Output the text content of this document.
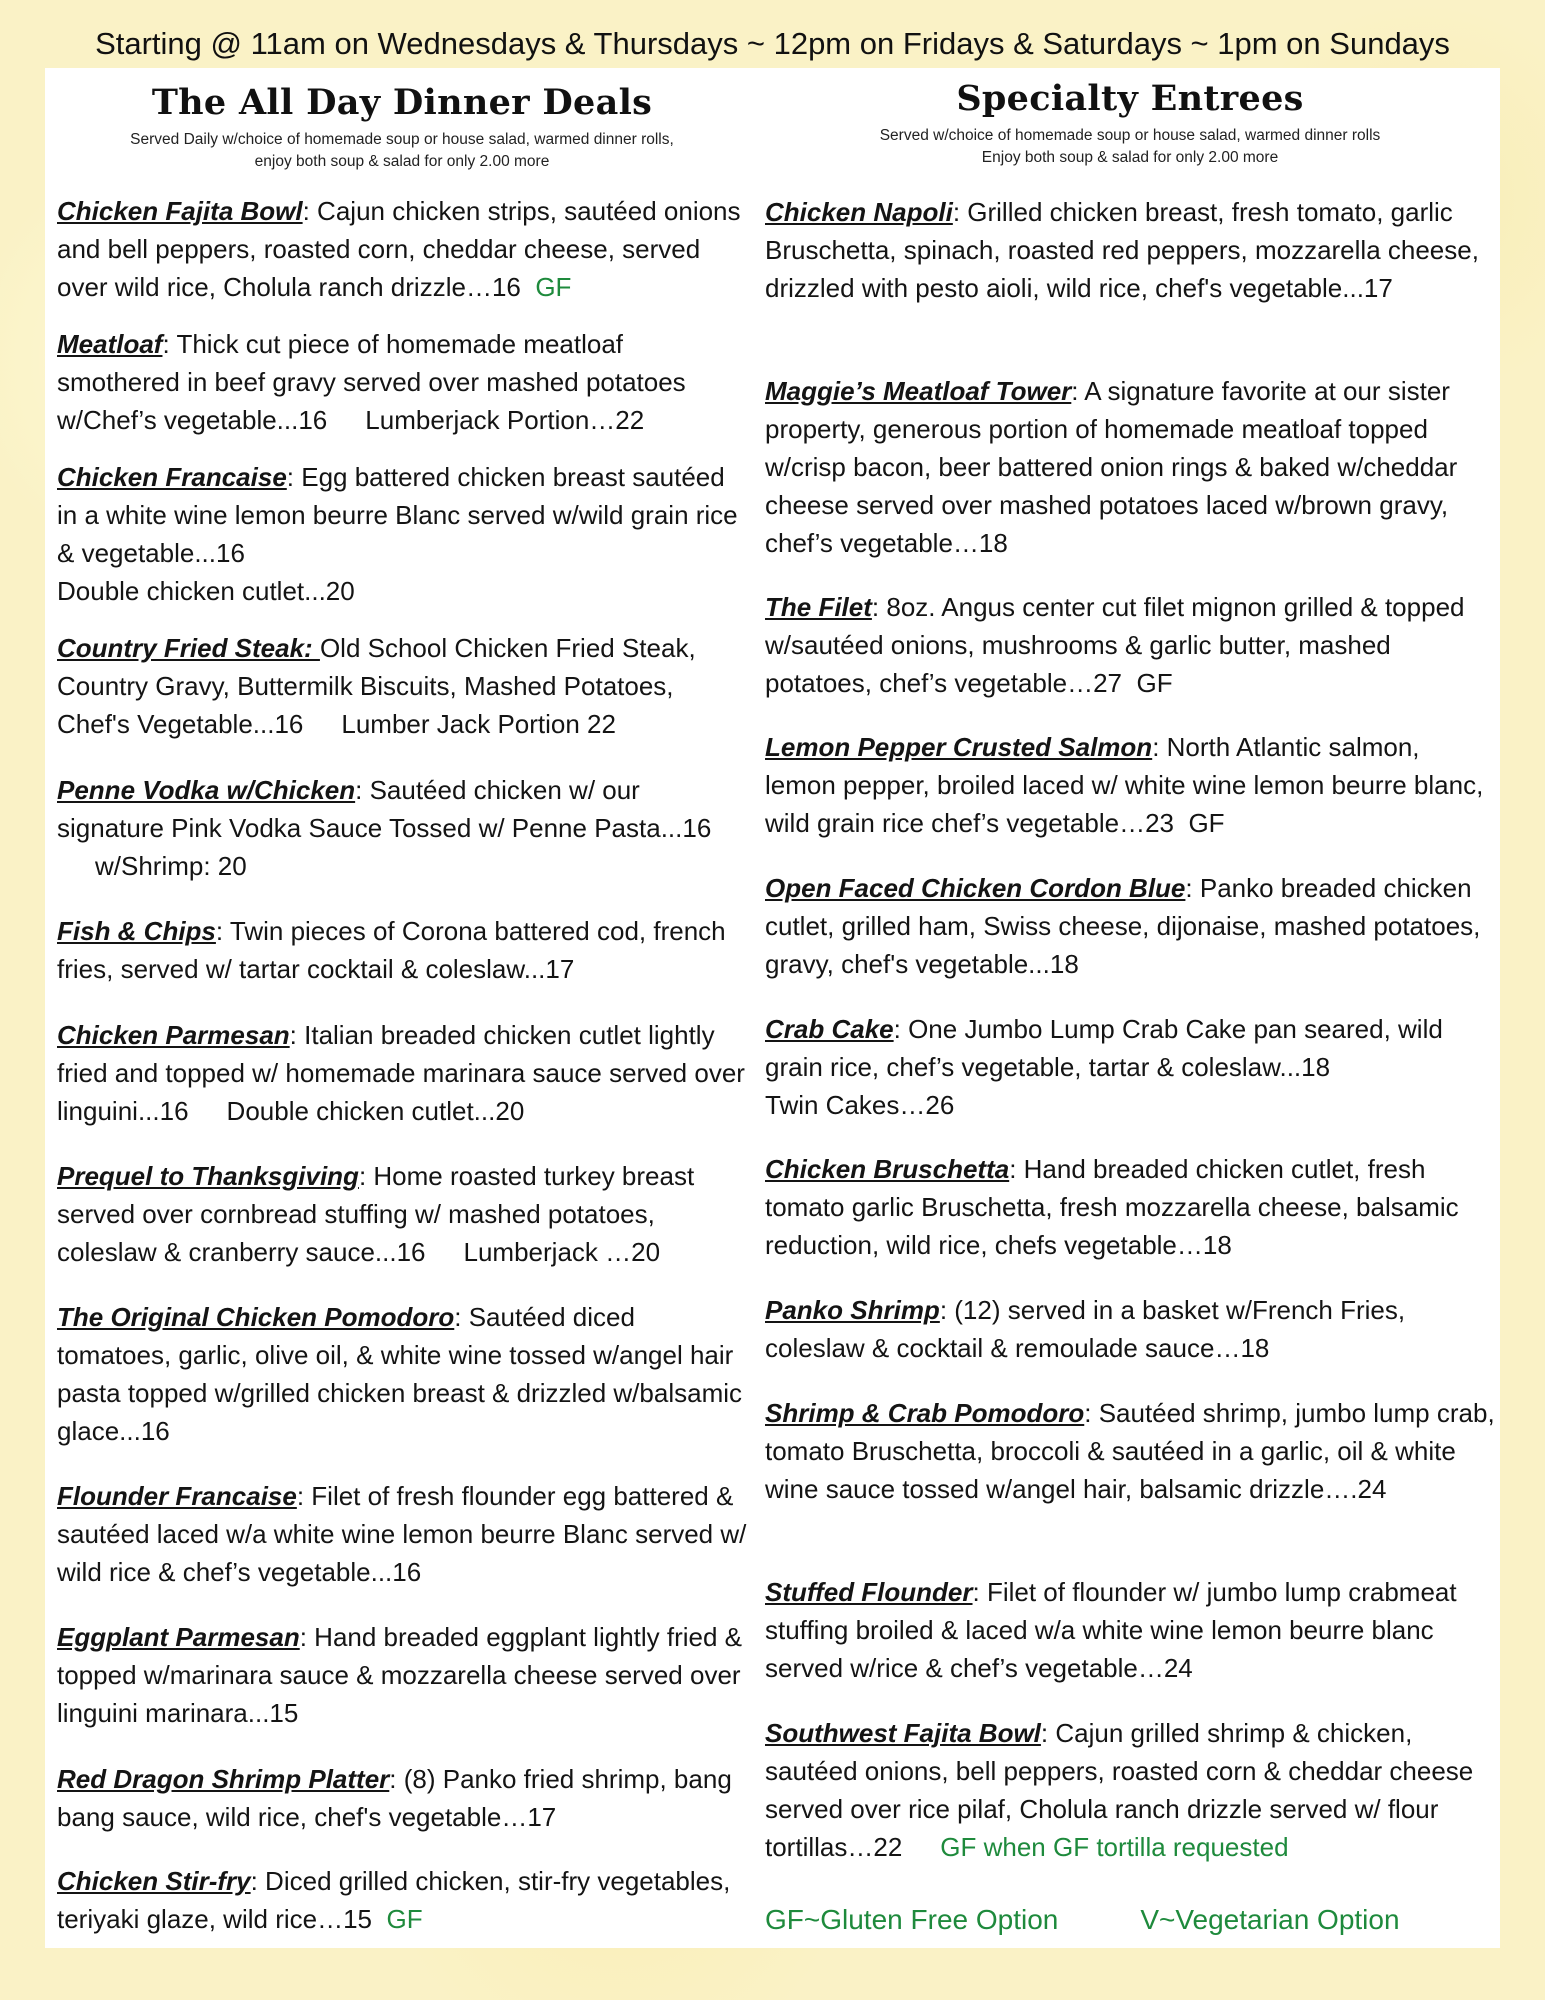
Starting @ 11am on Wednesdays & Thursdays ~ 12pm on Fridays & Saturdays ~ 1pm on Sundays
The All Day Dinner Deals
Served Daily w/choice of homemade soup or house salad, warmed dinner rolls,
enjoy both soup & salad for only 2.00 more
Chicken Fajita Bowl: Cajun chicken strips, sautéed onions and bell peppers, roasted corn, cheddar cheese, served over wild rice, Cholula ranch drizzle…16 GF
Meatloaf: Thick cut piece of homemade meatloaf smothered in beef gravy served over mashed potatoes w/Chef’s vegetable...16 Lumberjack Portion…22
Chicken Francaise: Egg battered chicken breast sautéed in a white wine lemon beurre Blanc served w/wild grain rice & vegetable...16
Double chicken cutlet...20
Country Fried Steak: Old School Chicken Fried Steak, Country Gravy, Buttermilk Biscuits, Mashed Potatoes, Chef's Vegetable...16 Lumber Jack Portion 22
Penne Vodka w/Chicken: Sautéed chicken w/ our signature Pink Vodka Sauce Tossed w/ Penne Pasta...16w/Shrimp: 20
Fish & Chips: Twin pieces of Corona battered cod, french fries, served w/ tartar cocktail & coleslaw...17
Chicken Parmesan: Italian breaded chicken cutlet lightly fried and topped w/ homemade marinara sauce served over linguini...16 Double chicken cutlet...20
Prequel to Thanksgiving: Home roasted turkey breast served over cornbread stuffing w/ mashed potatoes, coleslaw & cranberry sauce...16 Lumberjack …20
The Original Chicken Pomodoro: Sautéed diced tomatoes, garlic, olive oil, & white wine tossed w/angel hair pasta topped w/grilled chicken breast & drizzled w/balsamic glace...16
Flounder Francaise: Filet of fresh flounder egg battered & sautéed laced w/a white wine lemon beurre Blanc served w/ wild rice & chef’s vegetable...16
Eggplant Parmesan: Hand breaded eggplant lightly fried & topped w/marinara sauce & mozzarella cheese served over linguini marinara...15
Red Dragon Shrimp Platter: (8) Panko fried shrimp, bang bang sauce, wild rice, chef's vegetable…17
Chicken Stir-fry: Diced grilled chicken, stir-fry vegetables, teriyaki glaze, wild rice…15 GF
Specialty Entrees
Served w/choice of homemade soup or house salad, warmed dinner rolls
Enjoy both soup & salad for only 2.00 more
Chicken Napoli: Grilled chicken breast, fresh tomato, garlic Bruschetta, spinach, roasted red peppers, mozzarella cheese, drizzled with pesto aioli, wild rice, chef's vegetable...17
Maggie’s Meatloaf Tower: A signature favorite at our sister property, generous portion of homemade meatloaf topped w/crisp bacon, beer battered onion rings & baked w/cheddar cheese served over mashed potatoes laced w/brown gravy, chef’s vegetable…18
The Filet: 8oz. Angus center cut filet mignon grilled & topped w/sautéed onions, mushrooms & garlic butter, mashed potatoes, chef’s vegetable…27 GF
Lemon Pepper Crusted Salmon: North Atlantic salmon, lemon pepper, broiled laced w/ white wine lemon beurre blanc, wild grain rice chef’s vegetable…23 GF
Open Faced Chicken Cordon Blue: Panko breaded chicken cutlet, grilled ham, Swiss cheese, dijonaise, mashed potatoes, gravy, chef's vegetable...18
Crab Cake: One Jumbo Lump Crab Cake pan seared, wild grain rice, chef’s vegetable, tartar & coleslaw...18
Twin Cakes…26
Chicken Bruschetta: Hand breaded chicken cutlet, fresh tomato garlic Bruschetta, fresh mozzarella cheese, balsamic reduction, wild rice, chefs vegetable…18
Panko Shrimp: (12) served in a basket w/French Fries, coleslaw & cocktail & remoulade sauce…18
Shrimp & Crab Pomodoro: Sautéed shrimp, jumbo lump crab, tomato Bruschetta, broccoli & sautéed in a garlic, oil & white wine sauce tossed w/angel hair, balsamic drizzle….24
Stuffed Flounder: Filet of flounder w/ jumbo lump crabmeat stuffing broiled & laced w/a white wine lemon beurre blanc served w/rice & chef’s vegetable…24
Southwest Fajita Bowl: Cajun grilled shrimp & chicken, sautéed onions, bell peppers, roasted corn & cheddar cheese served over rice pilaf, Cholula ranch drizzle served w/ flour tortillas…22 GF when GF tortilla requested
GF~Gluten Free Option	V~Vegetarian Option
